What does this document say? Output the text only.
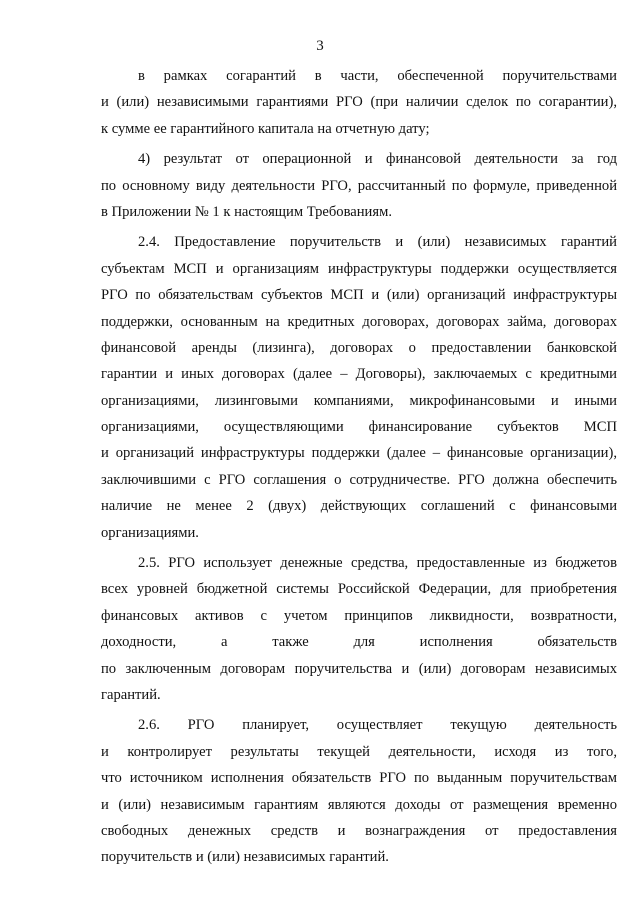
3
в рамках согарантий в части, обеспеченной поручительствами
и (или) независимыми гарантиями РГО (при наличии сделок по согарантии),
к сумме ее гарантийного капитала на отчетную дату;
4) результат от операционной и финансовой деятельности за год
по основному виду деятельности РГО, рассчитанный по формуле, приведенной
в Приложении № 1 к настоящим Требованиям.
2.4. Предоставление поручительств и (или) независимых гарантий
субъектам МСП и организациям инфраструктуры поддержки осуществляется
РГО по обязательствам субъектов МСП и (или) организаций инфраструктуры
поддержки, основанным на кредитных договорах, договорах займа, договорах
финансовой аренды (лизинга), договорах о предоставлении банковской
гарантии и иных договорах (далее – Договоры), заключаемых с кредитными
организациями, лизинговыми компаниями, микрофинансовыми и иными
организациями, осуществляющими финансирование субъектов МСП
и организаций инфраструктуры поддержки (далее – финансовые организации),
заключившими с РГО соглашения о сотрудничестве. РГО должна обеспечить
наличие не менее 2 (двух) действующих соглашений с финансовыми
организациями.
2.5. РГО использует денежные средства, предоставленные из бюджетов
всех уровней бюджетной системы Российской Федерации, для приобретения
финансовых активов с учетом принципов ликвидности, возвратности,
доходности, а также для исполнения обязательств
по заключенным договорам поручительства и (или) договорам независимых
гарантий.
2.6. РГО планирует, осуществляет текущую деятельность
и контролирует результаты текущей деятельности, исходя из того,
что источником исполнения обязательств РГО по выданным поручительствам
и (или) независимым гарантиям являются доходы от размещения временно
свободных денежных средств и вознаграждения от предоставления
поручительств и (или) независимых гарантий.
